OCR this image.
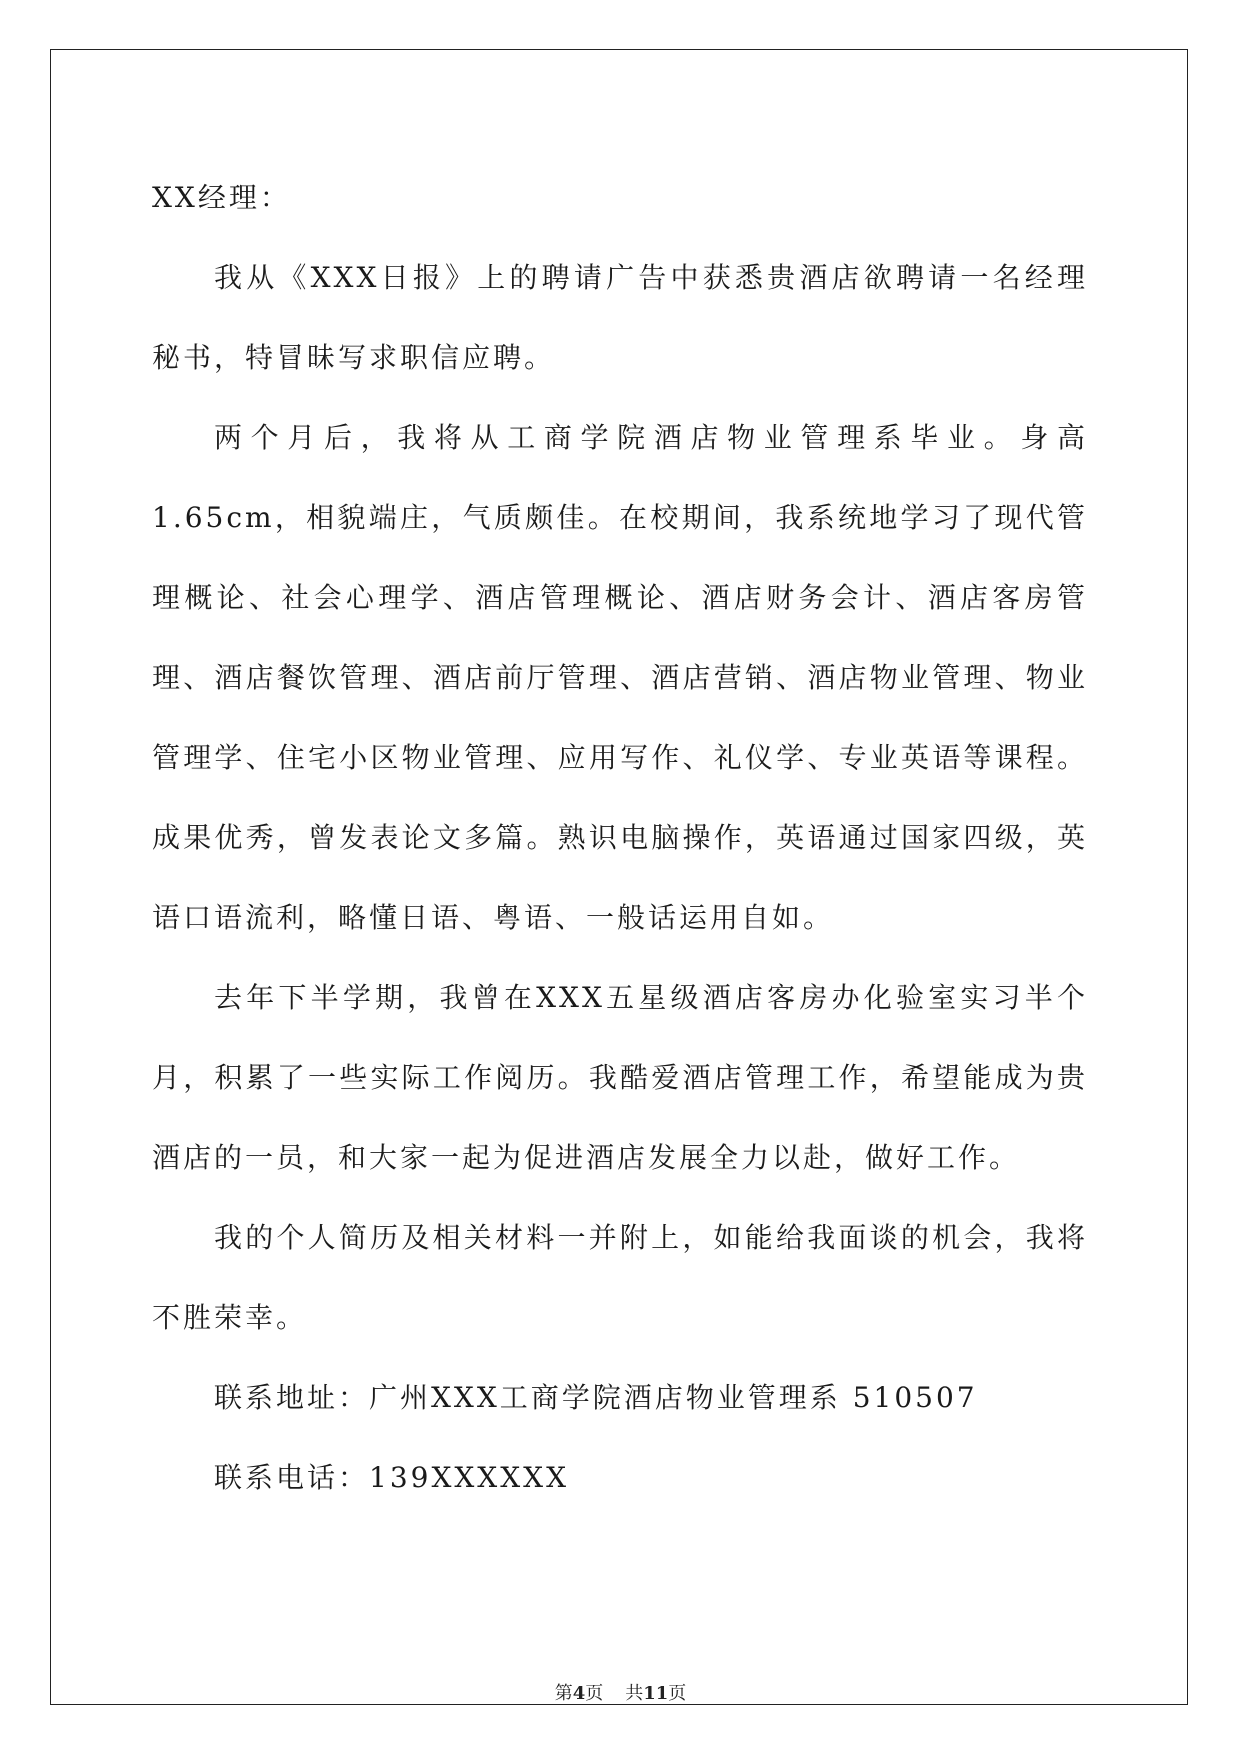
XX经理：

我从《XXX日报》上的聘请广告中获悉贵酒店欲聘请一名经理秘书，特冒昧写求职信应聘。

两个月后，我将从工商学院酒店物业管理系毕业。身高1.65cm，相貌端庄，气质颇佳。在校期间，我系统地学习了现代管理概论、社会心理学、酒店管理概论、酒店财务会计、酒店客房管理、酒店餐饮管理、酒店前厅管理、酒店营销、酒店物业管理、物业管理学、住宅小区物业管理、应用写作、礼仪学、专业英语等课程。成果优秀，曾发表论文多篇。熟识电脑操作，英语通过国家四级，英语口语流利，略懂日语、粤语、一般话运用自如。

去年下半学期，我曾在XXX五星级酒店客房办化验室实习半个月，积累了一些实际工作阅历。我酷爱酒店管理工作，希望能成为贵酒店的一员，和大家一起为促进酒店发展全力以赴，做好工作。

我的个人简历及相关材料一并附上，如能给我面谈的机会，我将不胜荣幸。

联系地址：广州XXX工商学院酒店物业管理系 510507

联系电话：139XXXXXX

第4页 共11页
